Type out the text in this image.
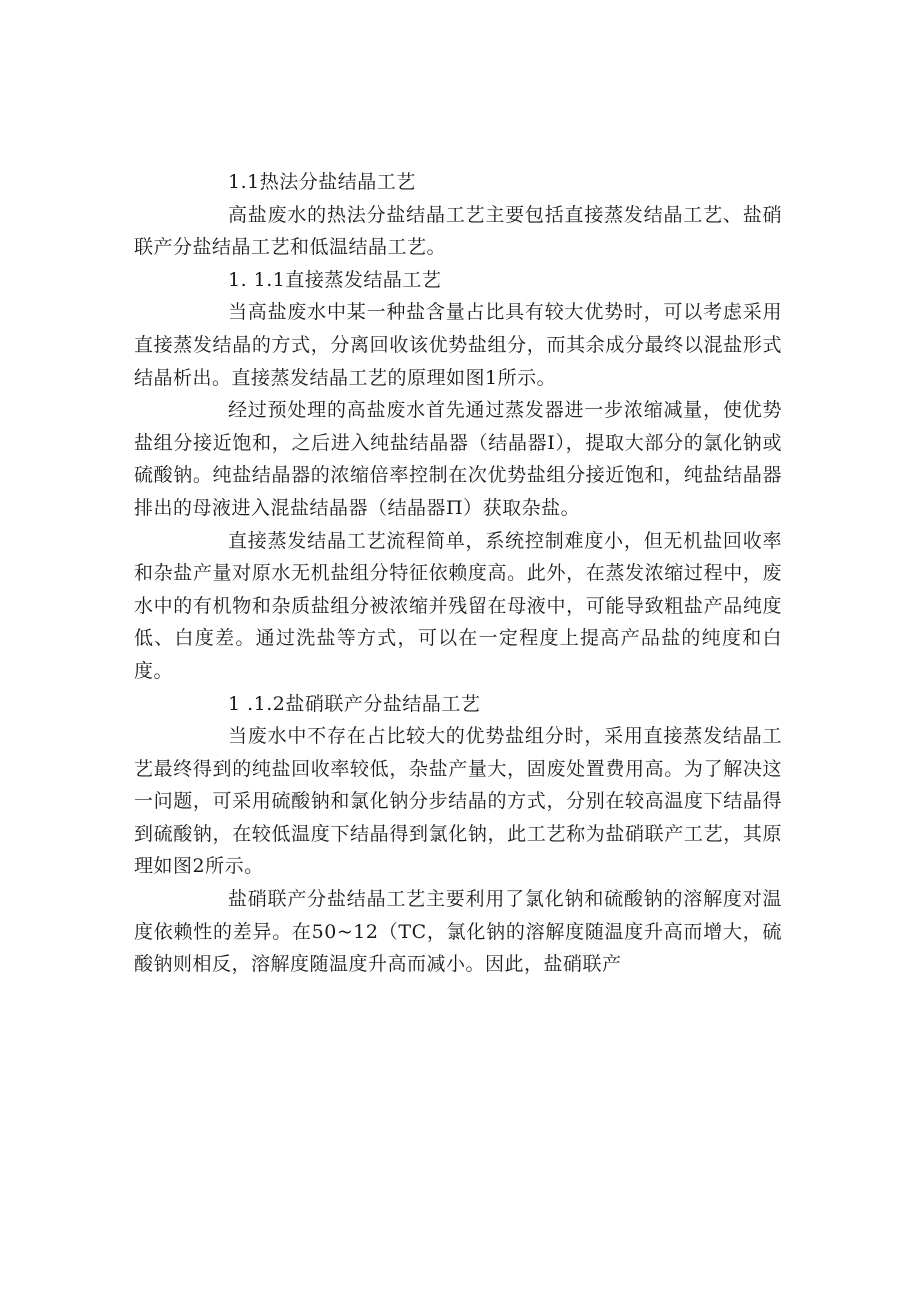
1.1热法分盐结晶工艺

高盐废水的热法分盐结晶工艺主要包括直接蒸发结晶工艺、盐硝联产分盐结晶工艺和低温结晶工艺。

1. 1.1直接蒸发结晶工艺

当高盐废水中某一种盐含量占比具有较大优势时，可以考虑采用直接蒸发结晶的方式，分离回收该优势盐组分，而其余成分最终以混盐形式结晶析出。直接蒸发结晶工艺的原理如图1所示。

经过预处理的高盐废水首先通过蒸发器进一步浓缩减量，使优势盐组分接近饱和，之后进入纯盐结晶器（结晶器I），提取大部分的氯化钠或硫酸钠。纯盐结晶器的浓缩倍率控制在次优势盐组分接近饱和，纯盐结晶器排出的母液进入混盐结晶器（结晶器Π）获取杂盐。

直接蒸发结晶工艺流程简单，系统控制难度小，但无机盐回收率和杂盐产量对原水无机盐组分特征依赖度高。此外，在蒸发浓缩过程中，废水中的有机物和杂质盐组分被浓缩并残留在母液中，可能导致粗盐产品纯度低、白度差。通过洗盐等方式，可以在一定程度上提高产品盐的纯度和白度。

1 .1.2盐硝联产分盐结晶工艺

当废水中不存在占比较大的优势盐组分时，采用直接蒸发结晶工艺最终得到的纯盐回收率较低，杂盐产量大，固废处置费用高。为了解决这一问题，可采用硫酸钠和氯化钠分步结晶的方式，分别在较高温度下结晶得到硫酸钠，在较低温度下结晶得到氯化钠，此工艺称为盐硝联产工艺，其原理如图2所示。

盐硝联产分盐结晶工艺主要利用了氯化钠和硫酸钠的溶解度对温度依赖性的差异。在50~12（TC，氯化钠的溶解度随温度升高而增大，硫酸钠则相反，溶解度随温度升高而减小。因此，盐硝联产
